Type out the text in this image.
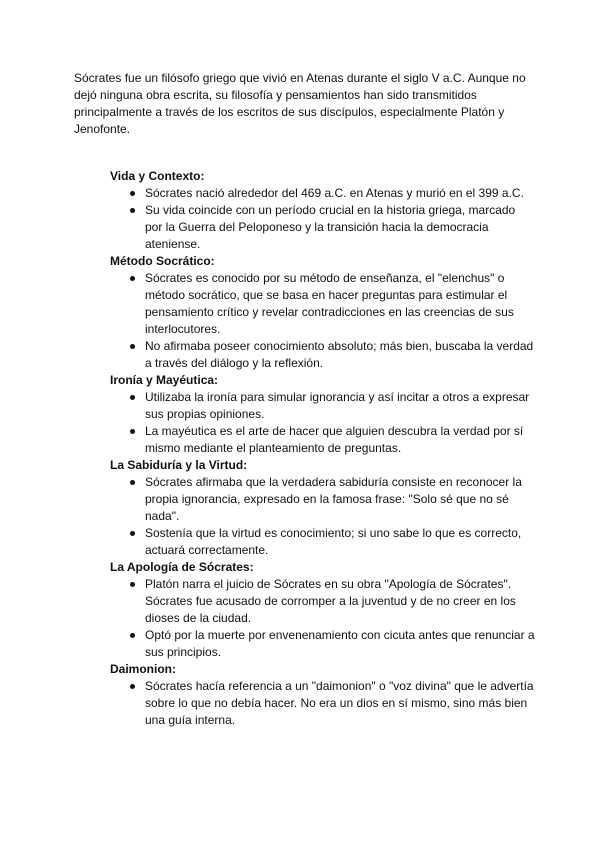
Sócrates fue un filósofo griego que vivió en Atenas durante el siglo V a.C. Aunque no dejó ninguna obra escrita, su filosofía y pensamientos han sido transmitidos principalmente a través de los escritos de sus discípulos, especialmente Platón y Jenofonte.

Vida y Contexto:

Sócrates nació alrededor del 469 a.C. en Atenas y murió en el 399 a.C.
Su vida coincide con un período crucial en la historia griega, marcado por la Guerra del Peloponeso y la transición hacia la democracia ateniense.

Método Socrático:

Sócrates es conocido por su método de enseñanza, el "elenchus" o método socrático, que se basa en hacer preguntas para estimular el pensamiento crítico y revelar contradicciones en las creencias de sus interlocutores.
No afirmaba poseer conocimiento absoluto; más bien, buscaba la verdad a través del diálogo y la reflexión.

Ironía y Mayéutica:

Utilizaba la ironía para simular ignorancia y así incitar a otros a expresar sus propias opiniones.
La mayéutica es el arte de hacer que alguien descubra la verdad por sí mismo mediante el planteamiento de preguntas.

La Sabiduría y la Virtud:

Sócrates afirmaba que la verdadera sabiduría consiste en reconocer la propia ignorancia, expresado en la famosa frase: "Solo sé que no sé nada".
Sostenía que la virtud es conocimiento; si uno sabe lo que es correcto, actuará correctamente.

La Apología de Sócrates:

Platón narra el juicio de Sócrates en su obra "Apología de Sócrates". Sócrates fue acusado de corromper a la juventud y de no creer en los dioses de la ciudad.
Optó por la muerte por envenenamiento con cicuta antes que renunciar a sus principios.

Daimonion:

Sócrates hacía referencia a un "daimonion" o "voz divina" que le advertía sobre lo que no debía hacer. No era un dios en sí mismo, sino más bien una guía interna.
